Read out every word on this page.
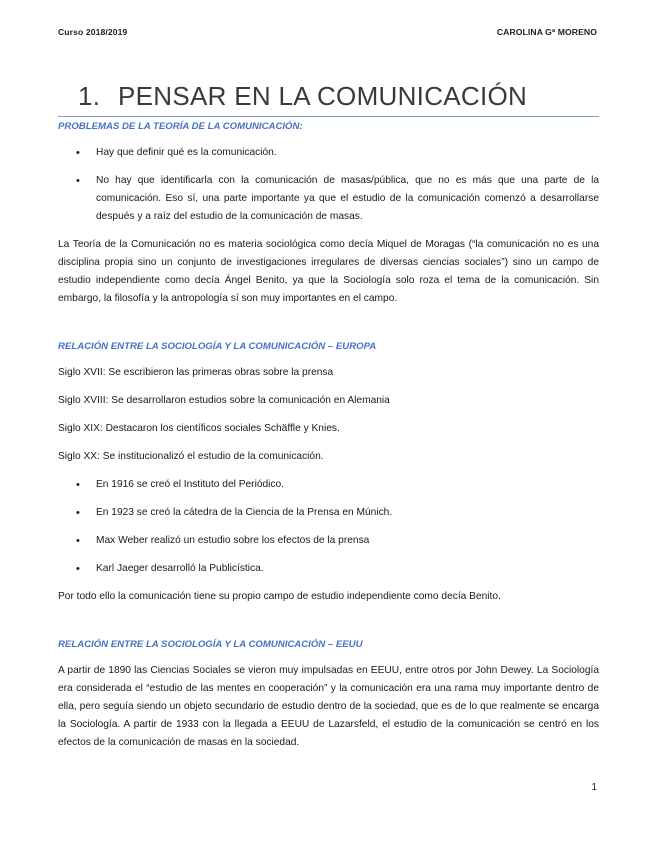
Curso 2018/2019	CAROLINA Gª MORENO
1. PENSAR EN LA COMUNICACIÓN
PROBLEMAS DE LA TEORÍA DE LA COMUNICACIÓN:
• Hay que definir qué es la comunicación.
• No hay que identificarla con la comunicación de masas/pública, que no es más que una parte de la comunicación. Eso sí, una parte importante ya que el estudio de la comunicación comenzó a desarrollarse después y a raíz del estudio de la comunicación de masas.

La Teoría de la Comunicación no es materia sociológica como decía Miquel de Moragas (“la comunicación no es una disciplina propia sino un conjunto de investigaciones irregulares de diversas ciencias sociales”) sino un campo de estudio independiente como decía Ángel Benito, ya que la Sociología solo roza el tema de la comunicación. Sin embargo, la filosofía y la antropología sí son muy importantes en el campo.

RELACIÓN ENTRE LA SOCIOLOGÍA Y LA COMUNICACIÓN – EUROPA

Siglo XVII: Se escribieron las primeras obras sobre la prensa

Siglo XVIII: Se desarrollaron estudios sobre la comunicación en Alemania

Siglo XIX: Destacaron los científicos sociales Schäffle y Knies.

Siglo XX: Se institucionalizó el estudio de la comunicación.

• En 1916 se creó el Instituto del Periódico.
• En 1923 se creó la cátedra de la Ciencia de la Prensa en Múnich.
• Max Weber realizó un estudio sobre los efectos de la prensa
• Karl Jaeger desarrolló la Publicística.

Por todo ello la comunicación tiene su propio campo de estudio independiente como decía Benito.

RELACIÓN ENTRE LA SOCIOLOGÍA Y LA COMUNICACIÓN – EEUU

A partir de 1890 las Ciencias Sociales se vieron muy impulsadas en EEUU, entre otros por John Dewey. La Sociología era considerada el “estudio de las mentes en cooperación” y la comunicación era una rama muy importante dentro de ella, pero seguía siendo un objeto secundario de estudio dentro de la sociedad, que es de lo que realmente se encarga la Sociología. A partir de 1933 con la llegada a EEUU de Lazarsfeld, el estudio de la comunicación se centró en los efectos de la comunicación de masas en la sociedad.

1
